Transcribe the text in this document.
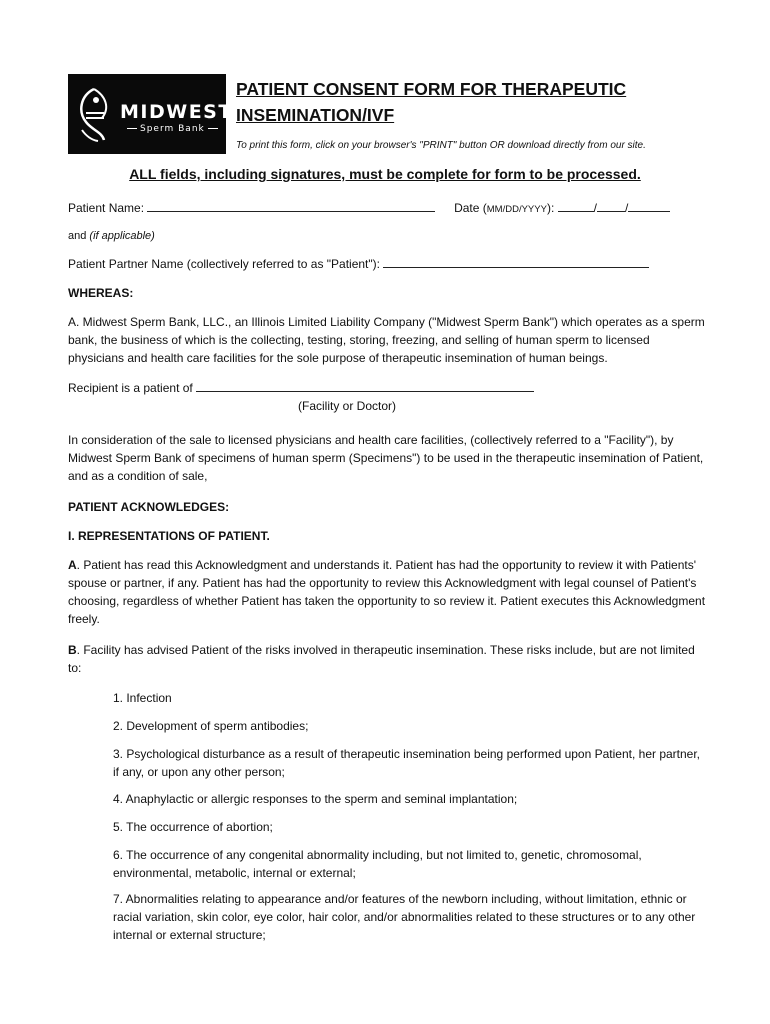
MIDWEST
Sperm Bank
PATIENT CONSENT FORM FOR THERAPEUTIC INSEMINATION/IVF
To print this form, click on your browser's "PRINT" button OR download directly from our site.
ALL fields, including signatures, must be complete for form to be processed.
Patient Name:	Date (MM/DD/YYYY):	/ /
and (if applicable)
Patient Partner Name (collectively referred to as "Patient"):
WHEREAS:
A. Midwest Sperm Bank, LLC., an Illinois Limited Liability Company ("Midwest Sperm Bank") which operates as a sperm bank, the business of which is the collecting, testing, storing, freezing, and selling of human sperm to licensed physicians and health care facilities for the sole purpose of therapeutic insemination of human beings.
Recipient is a patient of
(Facility or Doctor)
In consideration of the sale to licensed physicians and health care facilities, (collectively referred to a "Facility"), by Midwest Sperm Bank of specimens of human sperm (Specimens") to be used in the therapeutic insemination of Patient, and as a condition of sale,
PATIENT ACKNOWLEDGES:
I. REPRESENTATIONS OF PATIENT.
A. Patient has read this Acknowledgment and understands it. Patient has had the opportunity to review it with Patients' spouse or partner, if any. Patient has had the opportunity to review this Acknowledgment with legal counsel of Patient's choosing, regardless of whether Patient has taken the opportunity to so review it. Patient executes this Acknowledgment freely.
B. Facility has advised Patient of the risks involved in therapeutic insemination. These risks include, but are not limited to:
1. Infection
2. Development of sperm antibodies;
3. Psychological disturbance as a result of therapeutic insemination being performed upon Patient, her partner, if any, or upon any other person;
4. Anaphylactic or allergic responses to the sperm and seminal implantation;
5. The occurrence of abortion;
6. The occurrence of any congenital abnormality including, but not limited to, genetic, chromosomal, environmental, metabolic, internal or external;
7. Abnormalities relating to appearance and/or features of the newborn including, without limitation, ethnic or racial variation, skin color, eye color, hair color, and/or abnormalities related to these structures or to any other internal or external structure;
